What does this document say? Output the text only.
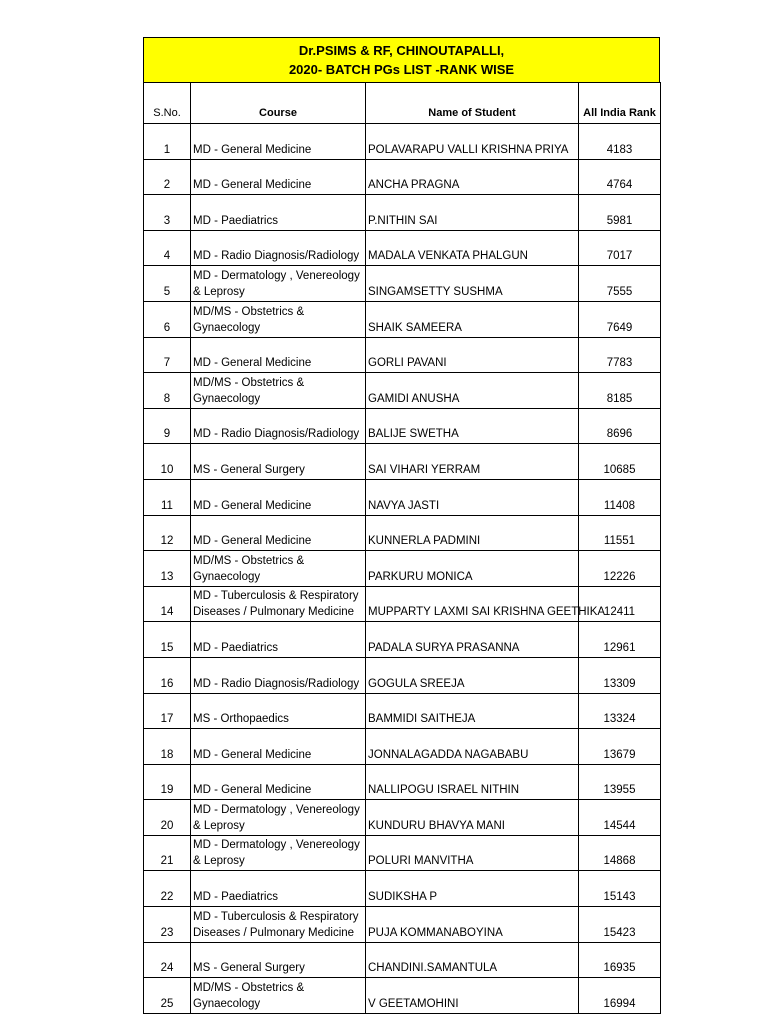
Dr.PSIMS & RF, CHINOUTAPALLI,
2020- BATCH PGs LIST -RANK WISE
S.No.	Course	Name of Student	All India Rank
1	MD - General Medicine	POLAVARAPU VALLI KRISHNA PRIYA	4183
2	MD - General Medicine	ANCHA PRAGNA	4764
3	MD - Paediatrics	P.NITHIN SAI	5981
4	MD - Radio Diagnosis/Radiology	MADALA VENKATA PHALGUN	7017
5	MD - Dermatology , Venereology & Leprosy	SINGAMSETTY SUSHMA	7555
6	MD/MS - Obstetrics & Gynaecology	SHAIK SAMEERA	7649
7	MD - General Medicine	GORLI PAVANI	7783
8	MD/MS - Obstetrics & Gynaecology	GAMIDI ANUSHA	8185
9	MD - Radio Diagnosis/Radiology	BALIJE SWETHA	8696
10	MS - General Surgery	SAI VIHARI YERRAM	10685
11	MD - General Medicine	NAVYA JASTI	11408
12	MD - General Medicine	KUNNERLA PADMINI	11551
13	MD/MS - Obstetrics & Gynaecology	PARKURU MONICA	12226
14	MD - Tuberculosis & Respiratory Diseases / Pulmonary Medicine	MUPPARTY LAXMI SAI KRISHNA GEETHIKA	12411
15	MD - Paediatrics	PADALA SURYA PRASANNA	12961
16	MD - Radio Diagnosis/Radiology	GOGULA SREEJA	13309
17	MS - Orthopaedics	BAMMIDI SAITHEJA	13324
18	MD - General Medicine	JONNALAGADDA NAGABABU	13679
19	MD - General Medicine	NALLIPOGU ISRAEL NITHIN	13955
20	MD - Dermatology , Venereology & Leprosy	KUNDURU BHAVYA MANI	14544
21	MD - Dermatology , Venereology & Leprosy	POLURI MANVITHA	14868
22	MD - Paediatrics	SUDIKSHA P	15143
23	MD - Tuberculosis & Respiratory Diseases / Pulmonary Medicine	PUJA KOMMANABOYINA	15423
24	MS - General Surgery	CHANDINI.SAMANTULA	16935
25	MD/MS - Obstetrics & Gynaecology	V GEETAMOHINI	16994
